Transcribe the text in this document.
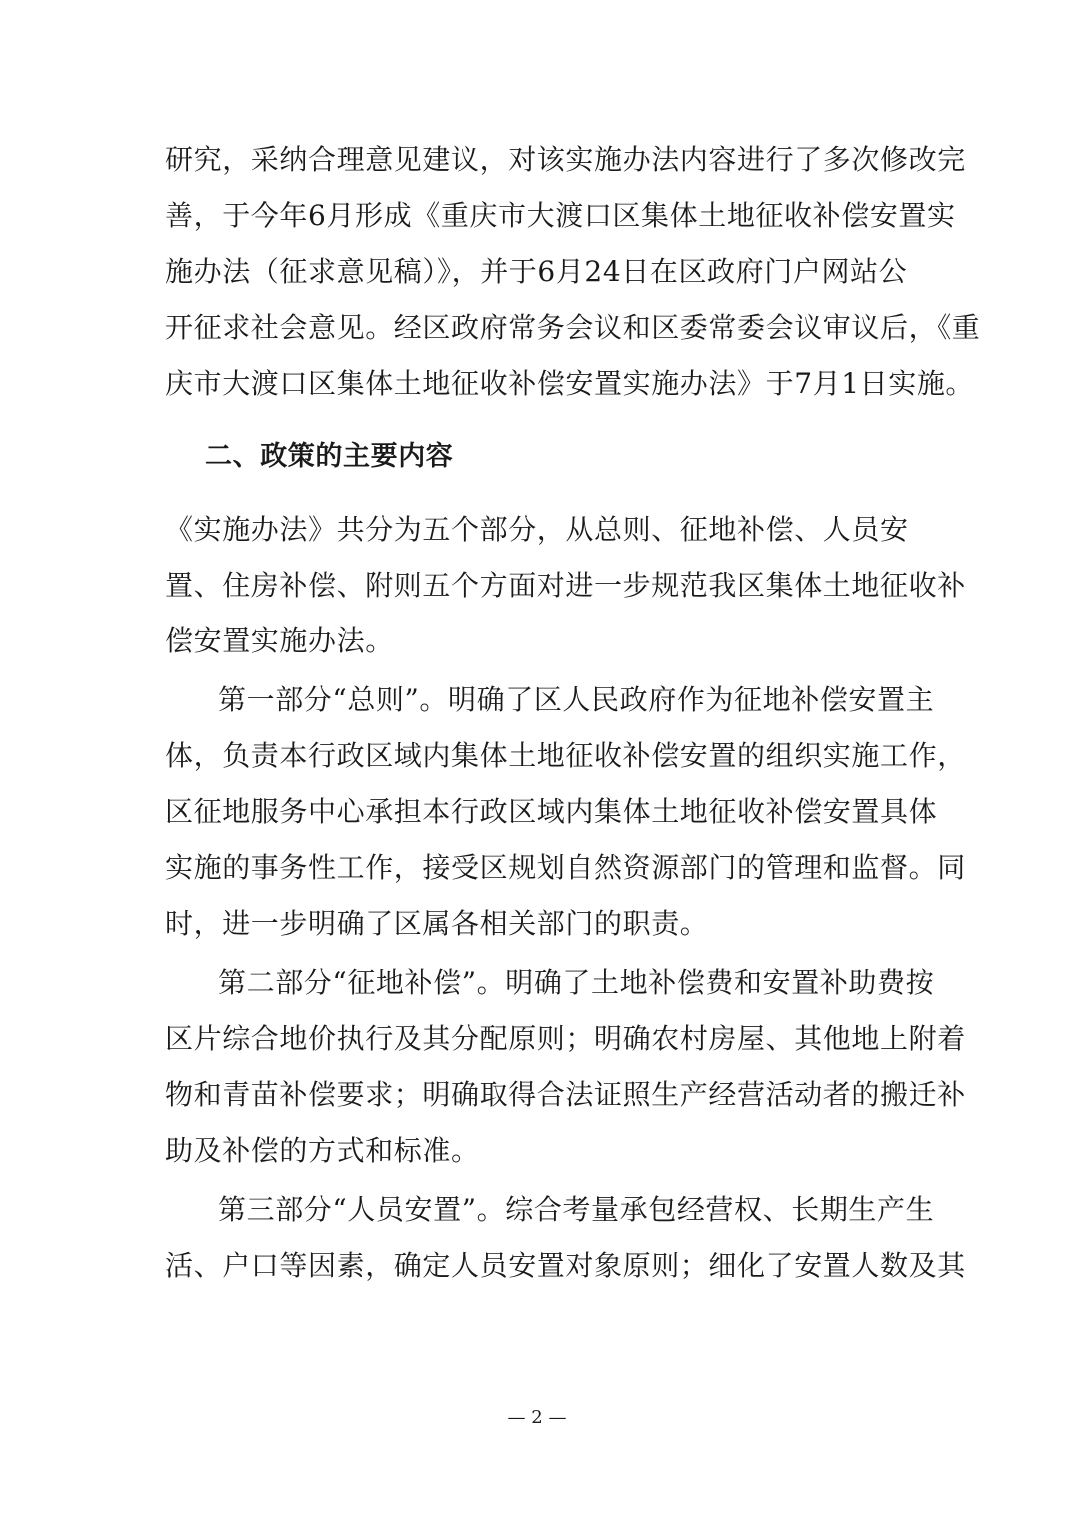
研究，采纳合理意见建议，对该实施办法内容进行了多次修改完
善，于今年6月形成《重庆市大渡口区集体土地征收补偿安置实
施办法（征求意见稿）》，并于6月24日在区政府门户网站公
开征求社会意见。经区政府常务会议和区委常委会议审议后，《重
庆市大渡口区集体土地征收补偿安置实施办法》于7月1日实施。
二、政策的主要内容
《实施办法》共分为五个部分，从总则、征地补偿、人员安
置、住房补偿、附则五个方面对进一步规范我区集体土地征收补
偿安置实施办法。
第一部分“总则”。明确了区人民政府作为征地补偿安置主
体，负责本行政区域内集体土地征收补偿安置的组织实施工作，
区征地服务中心承担本行政区域内集体土地征收补偿安置具体
实施的事务性工作，接受区规划自然资源部门的管理和监督。同
时，进一步明确了区属各相关部门的职责。
第二部分“征地补偿”。明确了土地补偿费和安置补助费按
区片综合地价执行及其分配原则；明确农村房屋、其他地上附着
物和青苗补偿要求；明确取得合法证照生产经营活动者的搬迁补
助及补偿的方式和标准。
第三部分“人员安置”。综合考量承包经营权、长期生产生
活、户口等因素，确定人员安置对象原则；细化了安置人数及其
— 2 —
